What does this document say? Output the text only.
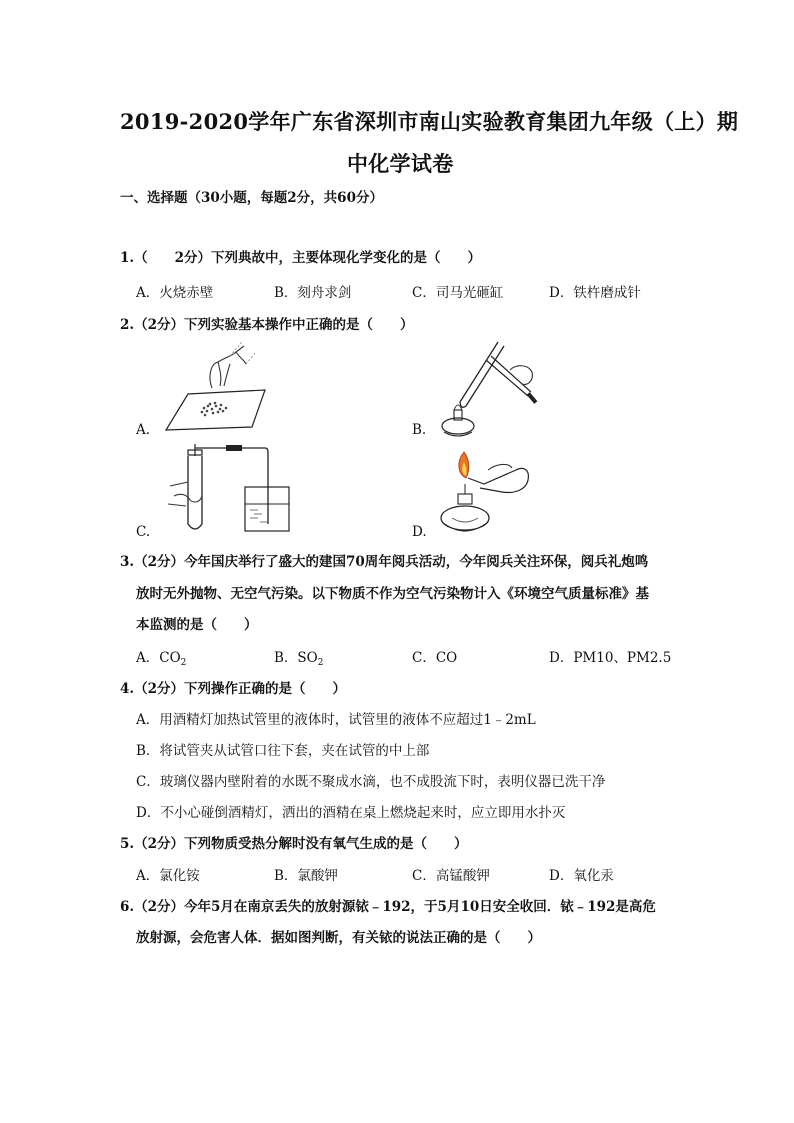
2019-2020学年广东省深圳市南山实验教育集团九年级（上）期
中化学试卷
一、选择题（30小题，每题2分，共60分）
1.（　　2分）下列典故中，主要体现化学变化的是（　　）
A．火烧赤壁	B．刻舟求剑	C．司马光砸缸	D．铁杵磨成针
2.（2分）下列实验基本操作中正确的是（　　）
A.	B.
C.	D.
3.（2分）今年国庆举行了盛大的建国70周年阅兵活动，今年阅兵关注环保，阅兵礼炮鸣
放时无外抛物、无空气污染。以下物质不作为空气污染物计入《环境空气质量标准》基
本监测的是（　　）
A．$CO_2$	B．$SO_2$	C．CO	D．PM10、PM2.5
4.（2分）下列操作正确的是（　　）
A．用酒精灯加热试管里的液体时，试管里的液体不应超过1﹣2mL
B．将试管夹从试管口往下套，夹在试管的中上部
C．玻璃仪器内壁附着的水既不聚成水滴，也不成股流下时，表明仪器已洗干净
D．不小心碰倒酒精灯，洒出的酒精在桌上燃烧起来时，应立即用水扑灭
5.（2分）下列物质受热分解时没有氧气生成的是（　　）
A．氯化铵	B．氯酸钾	C．高锰酸钾	D．氧化汞
6.（2分）今年5月在南京丢失的放射源铱﹣192，于5月10日安全收回．铱﹣192是高危
放射源，会危害人体．据如图判断，有关铱的说法正确的是（　　）
